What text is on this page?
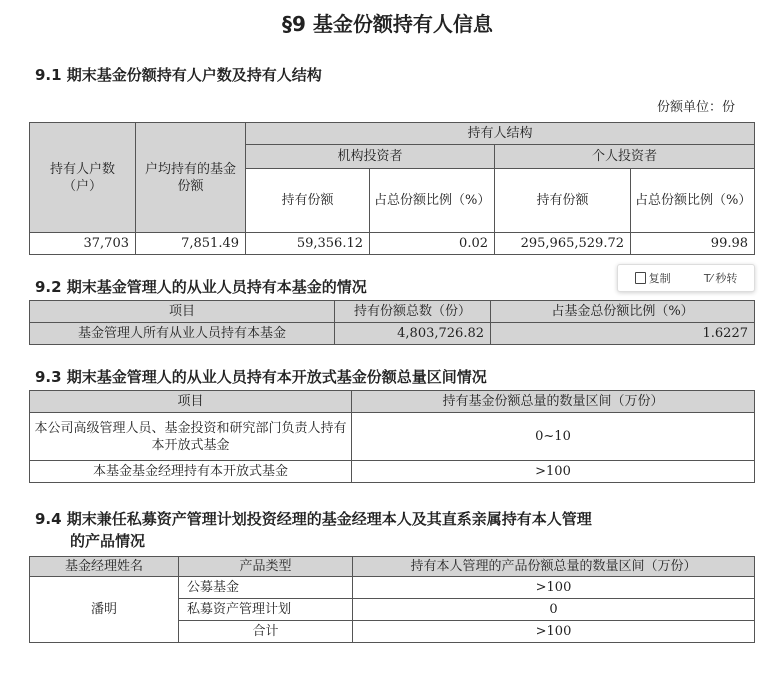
§9 基金份额持有人信息
9.1 期末基金份额持有人户数及持有人结构
份额单位：份
持有人户数（户）	户均持有的基金份额	持有人结构			
		机构投资者		个人投资者	
		持有份额	占总份额比例（%）	持有份额	占总份额比例（%）
37,703	7,851.49	59,356.12	0.02	295,965,529.72	99.98
复制	T⁄ 秒转
9.2 期末基金管理人的从业人员持有本基金的情况
项目	持有份额总数（份）	占基金总份额比例（%）
基金管理人所有从业人员持有本基金	4,803,726.82	1.6227
9.3 期末基金管理人的从业人员持有本开放式基金份额总量区间情况
项目	持有基金份额总量的数量区间（万份）
本公司高级管理人员、基金投资和研究部门负责人持有本开放式基金	0~10
本基金基金经理持有本开放式基金	>100
9.4 期末兼任私募资产管理计划投资经理的基金经理本人及其直系亲属持有本人管理
的产品情况
基金经理姓名	产品类型	持有本人管理的产品份额总量的数量区间（万份）
潘明	公募基金	>100
	私募资产管理计划	0
	合计	>100
